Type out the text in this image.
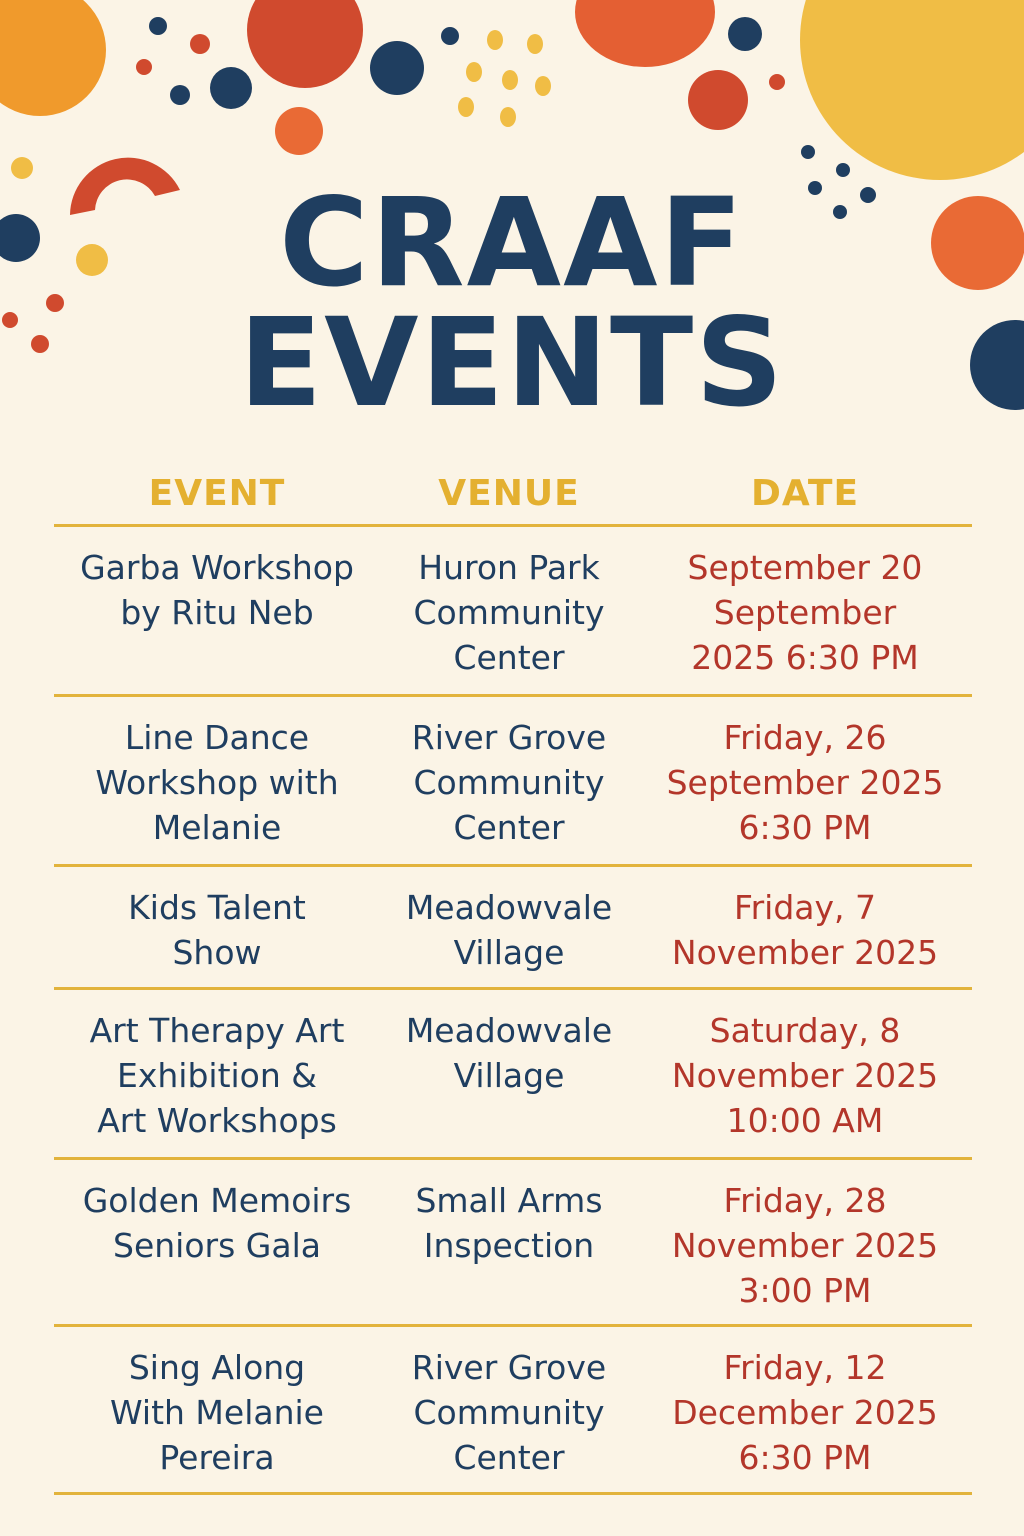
CRAAF
EVENTS
EVENT	VENUE	DATE
Garba Workshop
by Ritu Neb
Huron Park
Community
Center
September 20
September
2025 6:30 PM
Line Dance
Workshop with
Melanie
River Grove
Community
Center
Friday, 26
September 2025
6:30 PM
Kids Talent
Show
Meadowvale
Village
Friday, 7
November 2025
Art Therapy Art
Exhibition &
Art Workshops
Meadowvale
Village
Saturday, 8
November 2025
10:00 AM
Golden Memoirs
Seniors Gala
Small Arms
Inspection
Friday, 28
November 2025
3:00 PM
Sing Along
With Melanie
Pereira
River Grove
Community
Center
Friday, 12
December 2025
6:30 PM
